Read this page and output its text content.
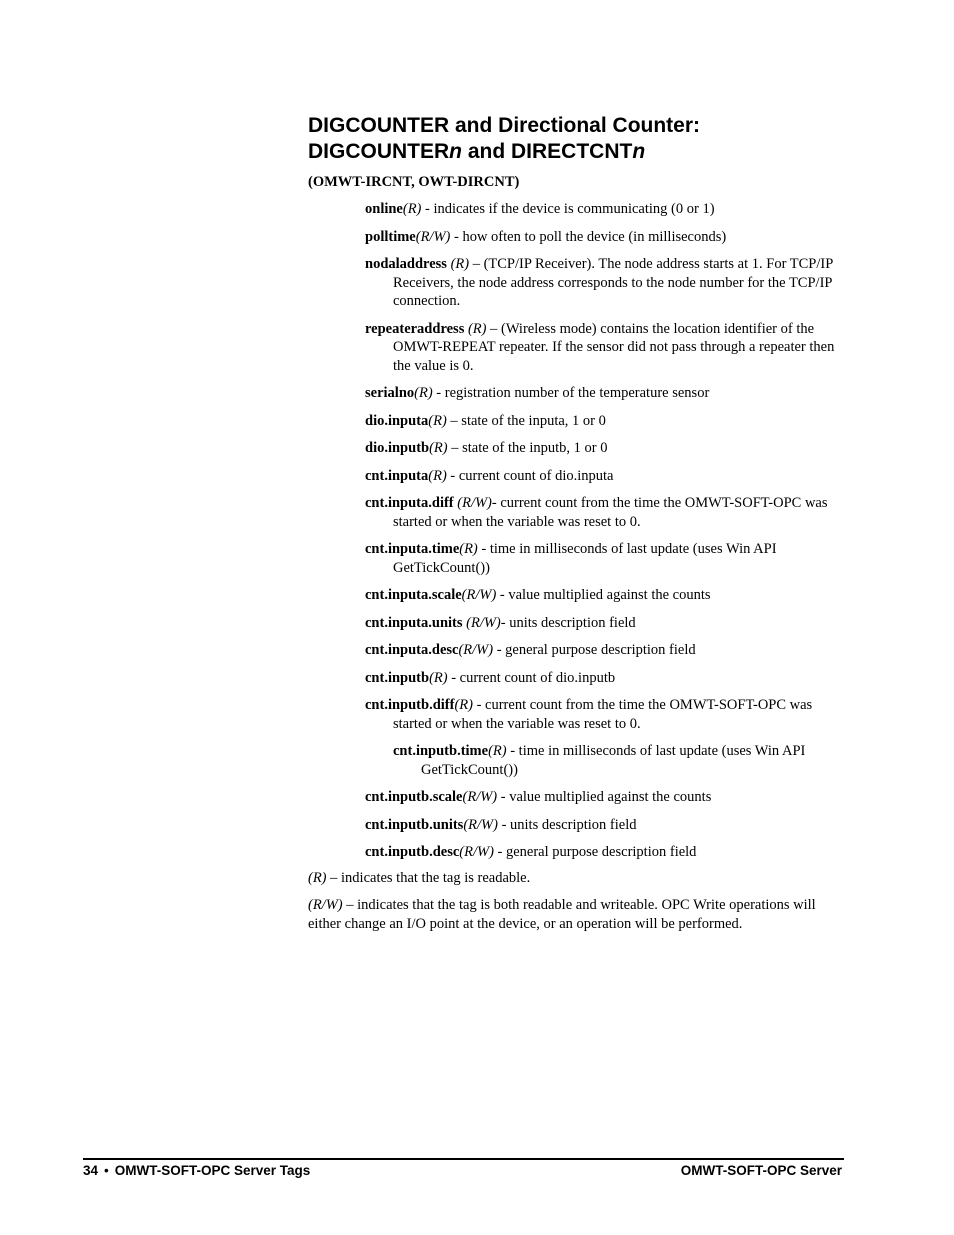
DIGCOUNTER and Directional Counter:
DIGCOUNTERn and DIRECTCNTn
(OMWT-IRCNT, OWT-DIRCNT)
online(R) - indicates if the device is communicating (0 or 1)
polltime(R/W) - how often to poll the device (in milliseconds)
nodaladdress (R) – (TCP/IP Receiver). The node address starts at 1. For TCP/IP Receivers, the node address corresponds to the node number for the TCP/IP connection.
repeateraddress (R) – (Wireless mode) contains the location identifier of the OMWT-REPEAT repeater. If the sensor did not pass through a repeater then the value is 0.
serialno(R) - registration number of the temperature sensor
dio.inputa(R) – state of the inputa, 1 or 0
dio.inputb(R) – state of the inputb, 1 or 0
cnt.inputa(R) - current count of dio.inputa
cnt.inputa.diff (R/W)- current count from the time the OMWT-SOFT-OPC was started or when the variable was reset to 0.
cnt.inputa.time(R) - time in milliseconds of last update (uses Win API GetTickCount())
cnt.inputa.scale(R/W) - value multiplied against the counts
cnt.inputa.units (R/W)- units description field
cnt.inputa.desc(R/W) - general purpose description field
cnt.inputb(R) - current count of dio.inputb
cnt.inputb.diff(R) - current count from the time the OMWT-SOFT-OPC was started or when the variable was reset to 0.
cnt.inputb.time(R) - time in milliseconds of last update (uses Win API GetTickCount())
cnt.inputb.scale(R/W) - value multiplied against the counts
cnt.inputb.units(R/W) - units description field
cnt.inputb.desc(R/W) - general purpose description field

(R) – indicates that the tag is readable.

(R/W) – indicates that the tag is both readable and writeable. OPC Write operations will either change an I/O point at the device, or an operation will be performed.

34 • OMWT-SOFT-OPC Server Tags	OMWT-SOFT-OPC Server
